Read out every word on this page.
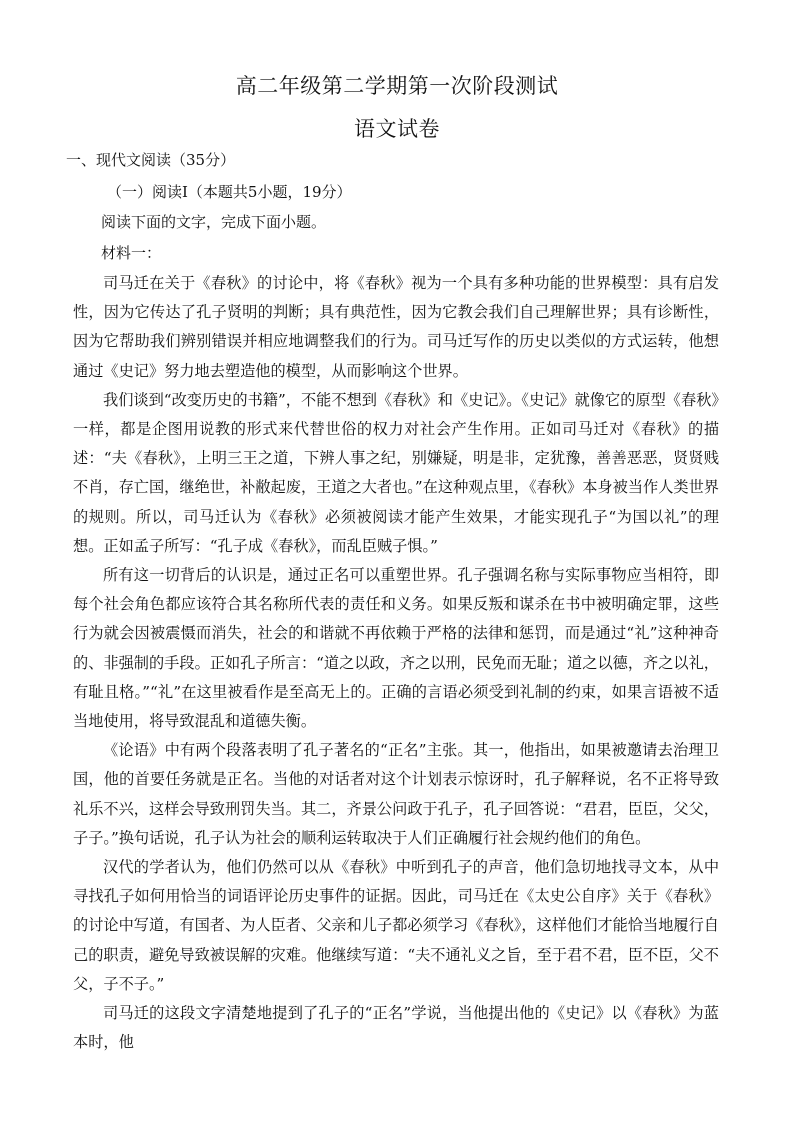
高二年级第二学期第一次阶段测试
语文试卷
一、现代文阅读（35分）
（一）阅读Ⅰ（本题共5小题，19分）
阅读下面的文字，完成下面小题。
材料一：

司马迁在关于《春秋》的讨论中，将《春秋》视为一个具有多种功能的世界模型：具有启发性，因为它传达了孔子贤明的判断；具有典范性，因为它教会我们自己理解世界；具有诊断性，因为它帮助我们辨别错误并相应地调整我们的行为。司马迁写作的历史以类似的方式运转，他想通过《史记》努力地去塑造他的模型，从而影响这个世界。

我们谈到“改变历史的书籍”，不能不想到《春秋》和《史记》。《史记》就像它的原型《春秋》一样，都是企图用说教的形式来代替世俗的权力对社会产生作用。正如司马迁对《春秋》的描述：“夫《春秋》，上明三王之道，下辨人事之纪，别嫌疑，明是非，定犹豫，善善恶恶，贤贤贱不肖，存亡国，继绝世，补敝起废，王道之大者也。”在这种观点里，《春秋》本身被当作人类世界的规则。所以，司马迁认为《春秋》必须被阅读才能产生效果，才能实现孔子“为国以礼”的理想。正如孟子所写：“孔子成《春秋》，而乱臣贼子惧。”

所有这一切背后的认识是，通过正名可以重塑世界。孔子强调名称与实际事物应当相符，即每个社会角色都应该符合其名称所代表的责任和义务。如果反叛和谋杀在书中被明确定罪，这些行为就会因被震慑而消失，社会的和谐就不再依赖于严格的法律和惩罚，而是通过“礼”这种神奇的、非强制的手段。正如孔子所言：“道之以政，齐之以刑，民免而无耻；道之以德，齐之以礼，有耻且格。”“礼”在这里被看作是至高无上的。正确的言语必须受到礼制的约束，如果言语被不适当地使用，将导致混乱和道德失衡。

《论语》中有两个段落表明了孔子著名的“正名”主张。其一，他指出，如果被邀请去治理卫国，他的首要任务就是正名。当他的对话者对这个计划表示惊讶时，孔子解释说，名不正将导致礼乐不兴，这样会导致刑罚失当。其二，齐景公问政于孔子，孔子回答说：“君君，臣臣，父父，子子。”换句话说，孔子认为社会的顺利运转取决于人们正确履行社会规约他们的角色。

汉代的学者认为，他们仍然可以从《春秋》中听到孔子的声音，他们急切地找寻文本，从中寻找孔子如何用恰当的词语评论历史事件的证据。因此，司马迁在《太史公自序》关于《春秋》的讨论中写道，有国者、为人臣者、父亲和儿子都必须学习《春秋》，这样他们才能恰当地履行自己的职责，避免导致被误解的灾难。他继续写道：“夫不通礼义之旨，至于君不君，臣不臣，父不父，子不子。”

司马迁的这段文字清楚地提到了孔子的“正名”学说，当他提出他的《史记》以《春秋》为蓝本时，他
